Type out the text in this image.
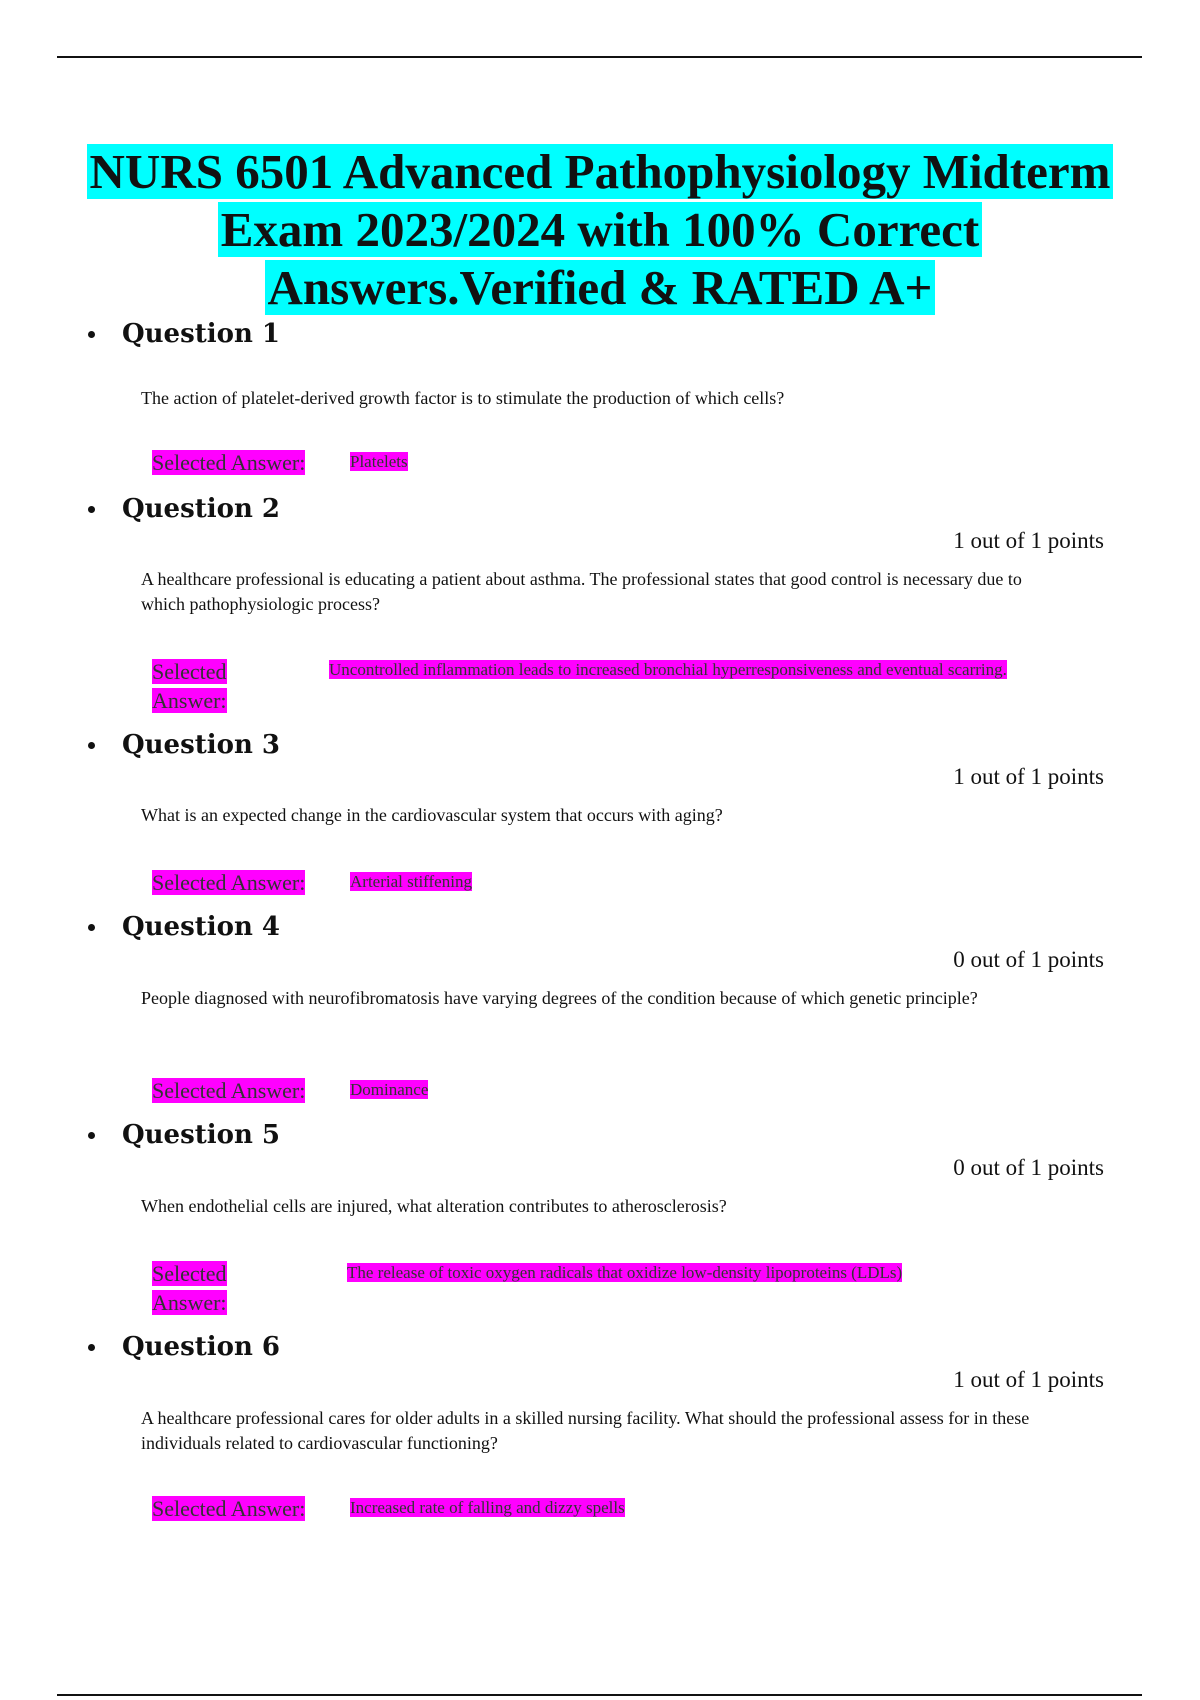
NURS 6501 Advanced Pathophysiology Midterm Exam 2023/2024 with 100% Correct Answers.Verified & RATED A+
Question 1
The action of platelet-derived growth factor is to stimulate the production of which cells?
Selected Answer:	Platelets
Question 2
1 out of 1 points
A healthcare professional is educating a patient about asthma. The professional states that good control is necessary due to which pathophysiologic process?
Selected Answer:
Uncontrolled inflammation leads to increased bronchial hyperresponsiveness and eventual scarring.
Question 3
1 out of 1 points
What is an expected change in the cardiovascular system that occurs with aging?
Selected Answer:	Arterial stiffening
Question 4
0 out of 1 points
People diagnosed with neurofibromatosis have varying degrees of the condition because of which genetic principle?
Selected Answer:	Dominance
Question 5
0 out of 1 points
When endothelial cells are injured, what alteration contributes to atherosclerosis?
Selected Answer:
The release of toxic oxygen radicals that oxidize low-density lipoproteins (LDLs)
Question 6
1 out of 1 points
A healthcare professional cares for older adults in a skilled nursing facility. What should the professional assess for in these individuals related to cardiovascular functioning?
Selected Answer:	Increased rate of falling and dizzy spells
